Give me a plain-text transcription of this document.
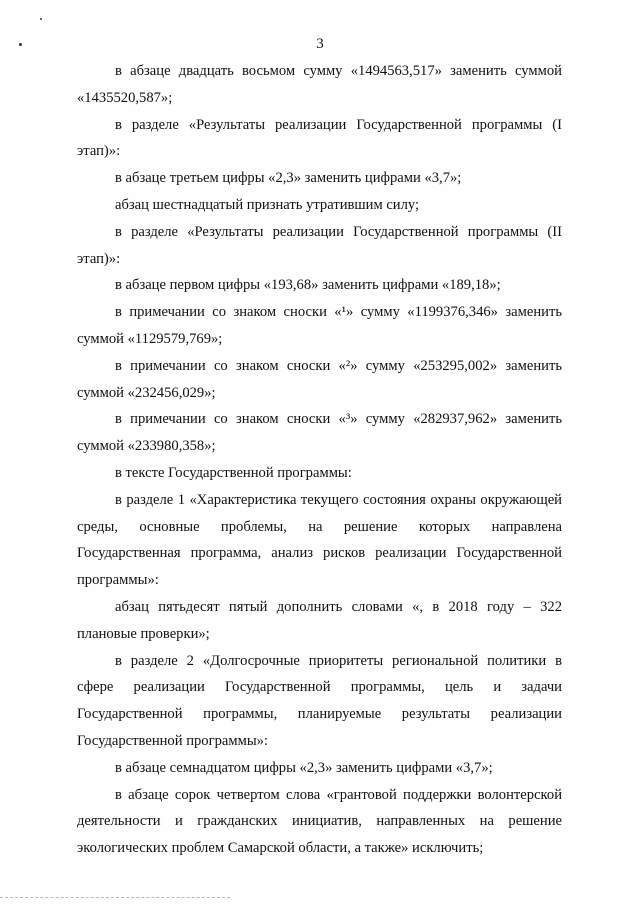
3

в абзаце двадцать восьмом сумму «1494563,517» заменить суммой «1435520,587»;

в разделе «Результаты реализации Государственной программы (I этап)»:

в абзаце третьем цифры «2,3» заменить цифрами «3,7»;

абзац шестнадцатый признать утратившим силу;

в разделе «Результаты реализации Государственной программы (II этап)»:

в абзаце первом цифры «193,68» заменить цифрами «189,18»;

в примечании со знаком сноски «¹» сумму «1199376,346» заменить суммой «1129579,769»;

в примечании со знаком сноски «²» сумму «253295,002» заменить суммой «232456,029»;

в примечании со знаком сноски «³» сумму «282937,962» заменить суммой «233980,358»;

в тексте Государственной программы:

в разделе 1 «Характеристика текущего состояния охраны окружающей среды, основные проблемы, на решение которых направлена Государственная программа, анализ рисков реализации Государственной программы»:

абзац пятьдесят пятый дополнить словами «, в 2018 году – 322 плановые проверки»;

в разделе 2 «Долгосрочные приоритеты региональной политики в сфере реализации Государственной программы, цель и задачи Государственной программы, планируемые результаты реализации Государственной программы»:

в абзаце семнадцатом цифры «2,3» заменить цифрами «3,7»;

в абзаце сорок четвертом слова «грантовой поддержки волонтерской деятельности и гражданских инициатив, направленных на решение экологических проблем Самарской области, а также» исключить;
